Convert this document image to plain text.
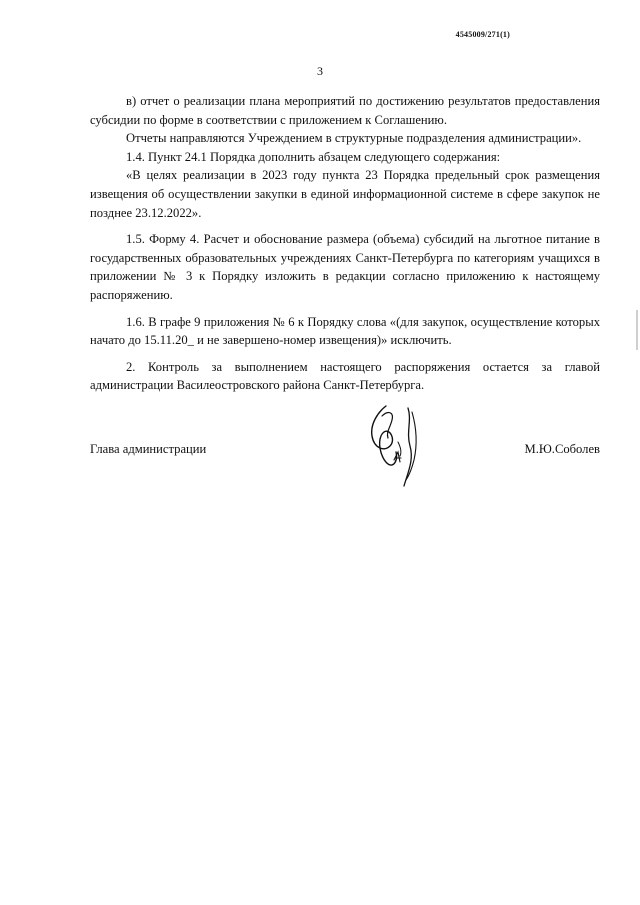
4545009/271(1)
3

в) отчет о реализации плана мероприятий по достижению результатов предоставления субсидии по форме в соответствии с приложением к Соглашению.

Отчеты направляются Учреждением в структурные подразделения администрации».

1.4. Пункт 24.1 Порядка дополнить абзацем следующего содержания:

«В целях реализации в 2023 году пункта 23 Порядка предельный срок размещения извещения об осуществлении закупки в единой информационной системе в сфере закупок не позднее 23.12.2022».

1.5. Форму 4. Расчет и обоснование размера (объема) субсидий на льготное питание в государственных образовательных учреждениях Санкт-Петербурга по категориям учащихся в приложении № 3 к Порядку изложить в редакции согласно приложению к настоящему распоряжению.

1.6. В графе 9 приложения № 6 к Порядку слова «(для закупок, осуществление которых начато до 15.11.20_ и не завершено-номер извещения)» исключить.

2. Контроль за выполнением настоящего распоряжения остается за главой администрации Василеостровского района Санкт-Петербурга.

Глава администрации	М.Ю.Соболев
